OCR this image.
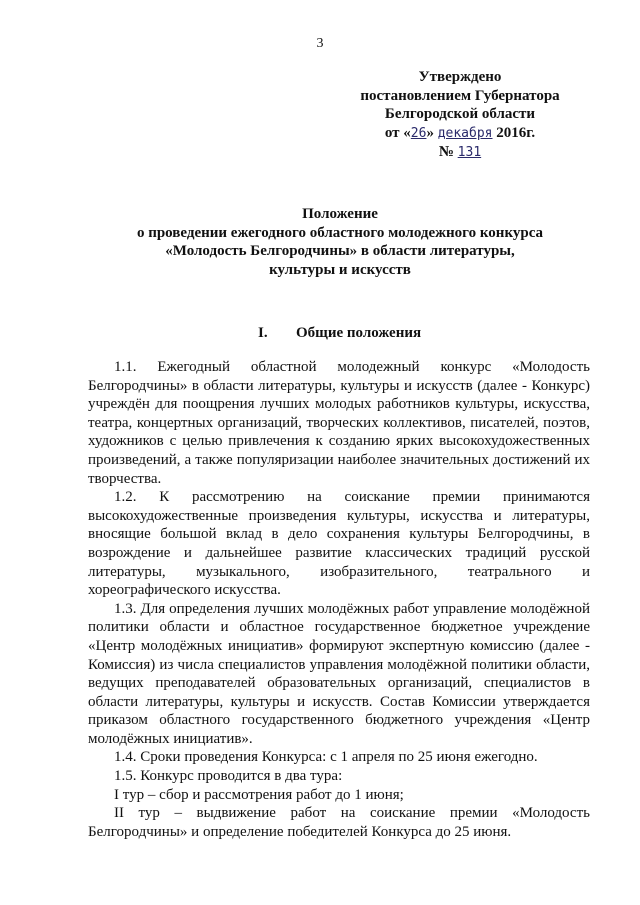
3
Утверждено
постановлением Губернатора
Белгородской области
от «26» декабря 2016г.
№ 131
Положение
о проведении ежегодного областного молодежного конкурса
«Молодость Белгородчины» в области литературы,
культуры и искусств
I. Общие положения

1.1. Ежегодный областной молодежный конкурс «Молодость Белгородчины» в области литературы, культуры и искусств (далее - Конкурс) учреждён для поощрения лучших молодых работников культуры, искусства, театра, концертных организаций, творческих коллективов, писателей, поэтов, художников с целью привлечения к созданию ярких высокохудожественных произведений, а также популяризации наиболее значительных достижений их творчества.

1.2. К рассмотрению на соискание премии принимаются высокохудожественные произведения культуры, искусства и литературы, вносящие большой вклад в дело сохранения культуры Белгородчины, в возрождение и дальнейшее развитие классических традиций русской литературы, музыкального, изобразительного, театрального и хореографического искусства.

1.3. Для определения лучших молодёжных работ управление молодёжной политики области и областное государственное бюджетное учреждение «Центр молодёжных инициатив» формируют экспертную комиссию (далее - Комиссия) из числа специалистов управления молодёжной политики области, ведущих преподавателей образовательных организаций, специалистов в области литературы, культуры и искусств. Состав Комиссии утверждается приказом областного государственного бюджетного учреждения «Центр молодёжных инициатив».

1.4. Сроки проведения Конкурса: с 1 апреля по 25 июня ежегодно.

1.5. Конкурс проводится в два тура:

I тур – сбор и рассмотрения работ до 1 июня;

II тур – выдвижение работ на соискание премии «Молодость Белгородчины» и определение победителей Конкурса до 25 июня.
